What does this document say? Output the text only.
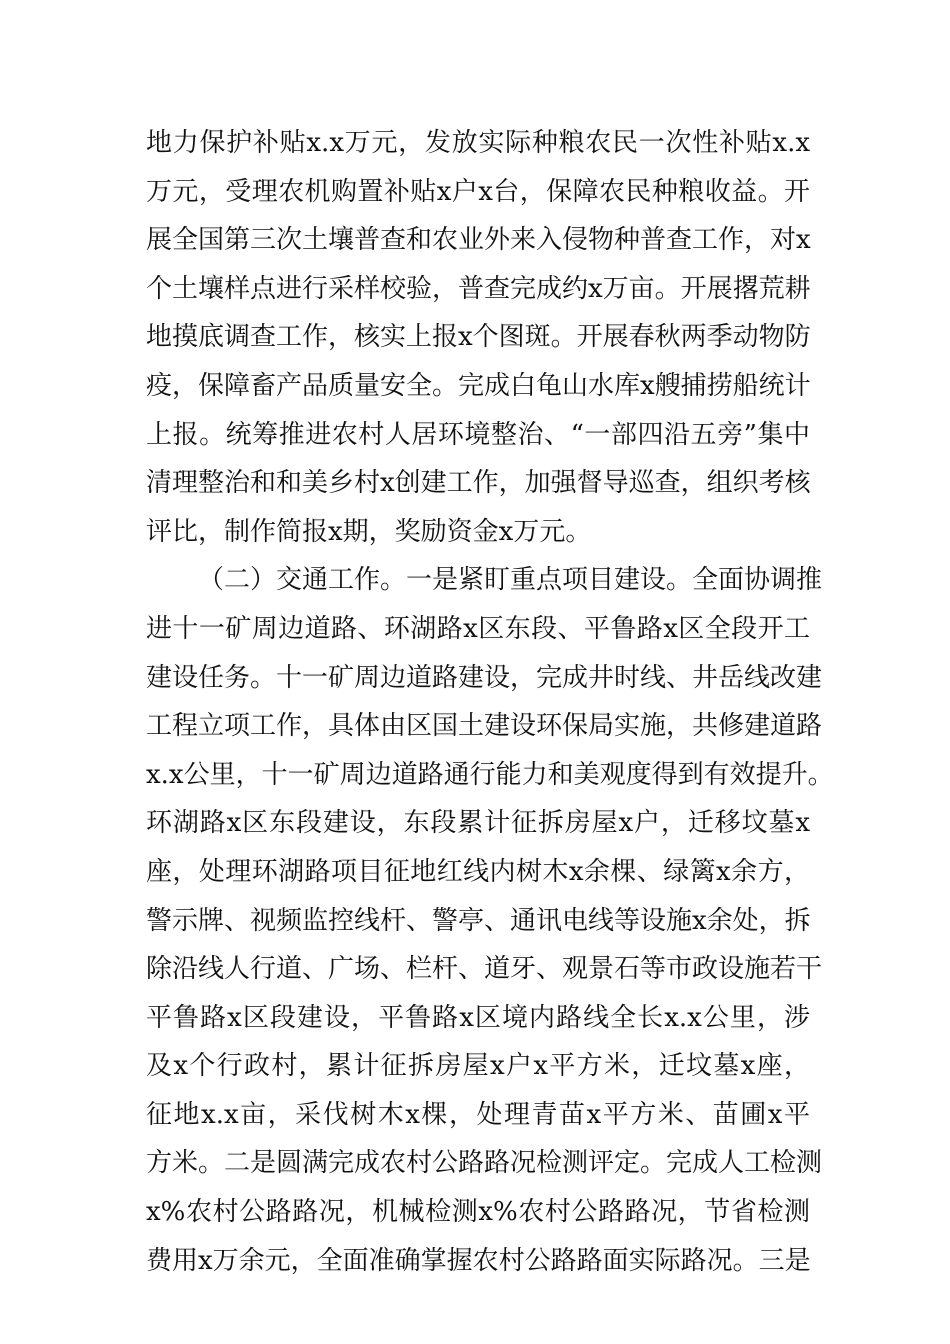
地力保护补贴x.x万元，发放实际种粮农民一次性补贴x.x
万元，受理农机购置补贴x户x台，保障农民种粮收益。开
展全国第三次土壤普查和农业外来入侵物种普查工作，对x
个土壤样点进行采样校验，普查完成约x万亩。开展撂荒耕
地摸底调查工作，核实上报x个图斑。开展春秋两季动物防
疫，保障畜产品质量安全。完成白龟山水库x艘捕捞船统计
上报。统筹推进农村人居环境整治、“一部四沿五旁”集中
清理整治和和美乡村x创建工作，加强督导巡查，组织考核
评比，制作简报x期，奖励资金x万元。
（二）交通工作。一是紧盯重点项目建设。全面协调推
进十一矿周边道路、环湖路x区东段、平鲁路x区全段开工
建设任务。十一矿周边道路建设，完成井时线、井岳线改建
工程立项工作，具体由区国土建设环保局实施，共修建道路
x.x公里，十一矿周边道路通行能力和美观度得到有效提升。
环湖路x区东段建设，东段累计征拆房屋x户，迁移坟墓x
座，处理环湖路项目征地红线内树木x余棵、绿篱x余方，
警示牌、视频监控线杆、警亭、通讯电线等设施x余处，拆
除沿线人行道、广场、栏杆、道牙、观景石等市政设施若干
平鲁路x区段建设，平鲁路x区境内路线全长x.x公里，涉
及x个行政村，累计征拆房屋x户x平方米，迁坟墓x座，
征地x.x亩，采伐树木x棵，处理青苗x平方米、苗圃x平
方米。二是圆满完成农村公路路况检测评定。完成人工检测
x%农村公路路况，机械检测x%农村公路路况，节省检测
费用x万余元，全面准确掌握农村公路路面实际路况。三是
